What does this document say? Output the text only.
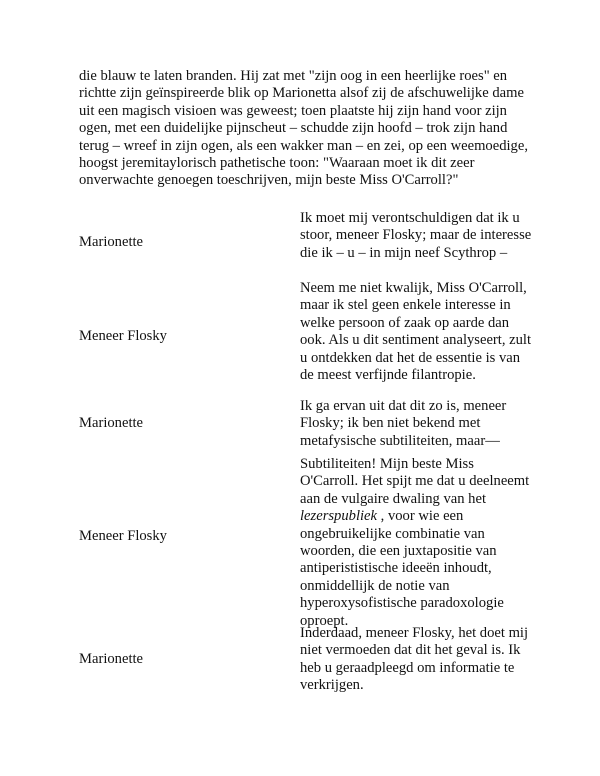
die blauw te laten branden. Hij zat met "zijn oog in een heerlijke roes" en richtte zijn geïnspireerde blik op Marionetta alsof zij de afschuwelijke dame uit een magisch visioen was geweest; toen plaatste hij zijn hand voor zijn ogen, met een duidelijke pijnscheut – schudde zijn hoofd – trok zijn hand terug – wreef in zijn ogen, als een wakker man – en zei, op een weemoedige, hoogst jeremitaylorisch pathetische toon: "Waaraan moet ik dit zeer onverwachte genoegen toeschrijven, mijn beste Miss O'Carroll?"

Marionette
Ik moet mij verontschuldigen dat ik u stoor, meneer Flosky; maar de interesse die ik – u – in mijn neef Scythrop –
Meneer Flosky
Neem me niet kwalijk, Miss O'Carroll, maar ik stel geen enkele interesse in welke persoon of zaak op aarde dan ook. Als u dit sentiment analyseert, zult u ontdekken dat het de essentie is van de meest verfijnde filantropie.
Marionette
Ik ga ervan uit dat dit zo is, meneer Flosky; ik ben niet bekend met metafysische subtiliteiten, maar—
Meneer Flosky
Subtiliteiten! Mijn beste Miss O'Carroll. Het spijt me dat u deelneemt aan de vulgaire dwaling van het lezerspubliek , voor wie een ongebruikelijke combinatie van woorden, die een juxtapositie van antiperististische ideeën inhoudt, onmiddellijk de notie van hyperoxysofistische paradoxologie oproept.
Marionette
Inderdaad, meneer Flosky, het doet mij niet vermoeden dat dit het geval is. Ik heb u geraadpleegd om informatie te verkrijgen.
